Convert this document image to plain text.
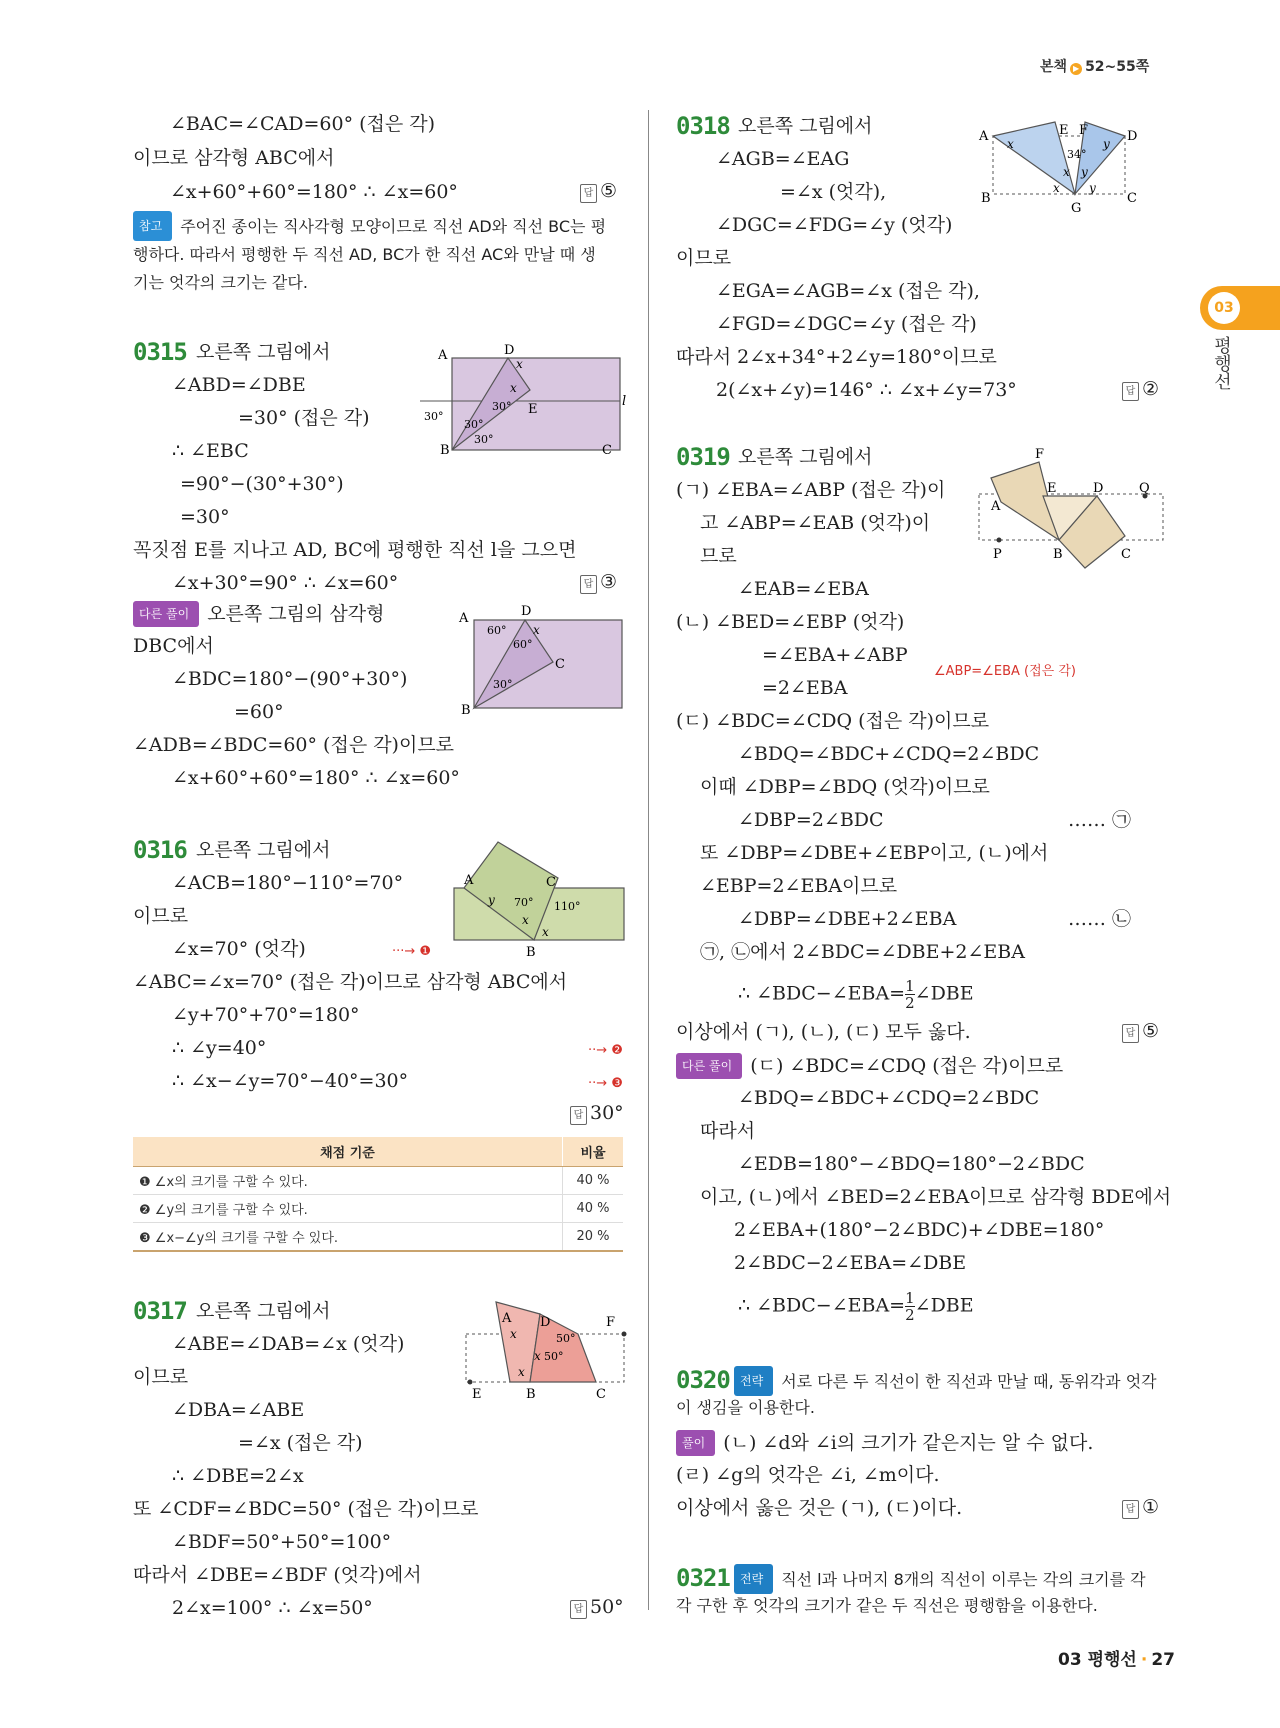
본책 ▶ 52~55쪽
03
평행선
∠BAC=∠CAD=60° (접은 각)
이므로 삼각형 ABC에서
∠x+60°+60°=180° ∴ ∠x=60°	답 ⑤
참고 주어진 종이는 직사각형 모양이므로 직선 AD와 직선 BC는 평
행하다. 따라서 평행한 두 직선 AD, BC가 한 직선 AC와 만날 때 생
기는 엇각의 크기는 같다.
0315 오른쪽 그림에서
∠ABD=∠DBE
=30° (접은 각)
∴ ∠EBC
=90°−(30°+30°)
=30°
꼭짓점 E를 지나고 AD, BC에 평행한 직선 l을 그으면
∠x+30°=90° ∴ ∠x=60°	답 ③
A	D
x
x
30° E
l
30°
30°
30°
B	C
다른 풀이 오른쪽 그림의 삼각형
DBC에서
∠BDC=180°−(90°+30°)
=60°
∠ADB=∠BDC=60° (접은 각)이므로
∠x+60°+60°=180° ∴ ∠x=60°
A	D
60° x
60°
C
30°
B
0316 오른쪽 그림에서
∠ACB=180°−110°=70°
이므로
∠x=70° (엇각)	···→ ❶
∠ABC=∠x=70° (접은 각)이므로 삼각형 ABC에서
∠y+70°+70°=180°
∴ ∠y=40°	··→ ❷
∴ ∠x−∠y=70°−40°=30°	··→ ❸
답 30°
A	C
y 70° 110°
x
x
B
채점 기준	비율
❶ ∠x의 크기를 구할 수 있다.	40 %
❷ ∠y의 크기를 구할 수 있다.	40 %
❸ ∠x−∠y의 크기를 구할 수 있다.	20 %
0317 오른쪽 그림에서
∠ABE=∠DAB=∠x (엇각)
이므로
∠DBA=∠ABE
=∠x (접은 각)
∴ ∠DBE=2∠x
또 ∠CDF=∠BDC=50° (접은 각)이므로
∠BDF=50°+50°=100°
따라서 ∠DBE=∠BDF (엇각)에서
2∠x=100° ∴ ∠x=50°	답 50°
A D	F
x	50°
x 50°
x
E	B	C
0318 오른쪽 그림에서
∠AGB=∠EAG
=∠x (엇각),
∠DGC=∠FDG=∠y (엇각)
이므로
∠EGA=∠AGB=∠x (접은 각),
∠FGD=∠DGC=∠y (접은 각)
따라서 2∠x+34°+2∠y=180°이므로
2(∠x+∠y)=146° ∴ ∠x+∠y=73°	답 ②
A	E F	D
34°
x
x y
y
B
G
C
x y
0319 오른쪽 그림에서
(ㄱ) ∠EBA=∠ABP (접은 각)이
고 ∠ABP=∠EAB (엇각)이
므로
∠EAB=∠EBA
(ㄴ) ∠BED=∠EBP (엇각)
=∠EBA+∠ABP
∠ABP=∠EBA (접은 각)
=2∠EBA
(ㄷ) ∠BDC=∠CDQ (접은 각)이므로
∠BDQ=∠BDC+∠CDQ=2∠BDC
이때 ∠DBP=∠BDQ (엇각)이므로
∠DBP=2∠BDC	…… ㉠
또 ∠DBP=∠DBE+∠EBP이고, (ㄴ)에서
∠EBP=2∠EBA이므로
∠DBP=∠DBE+2∠EBA	…… ㉡
㉠, ㉡에서 2∠BDC=∠DBE+2∠EBA
∴ ∠BDC−∠EBA= $\frac{1}{2}$ ∠DBE
이상에서 (ㄱ), (ㄴ), (ㄷ) 모두 옳다.	답 ⑤
다른 풀이 (ㄷ) ∠BDC=∠CDQ (접은 각)이므로
∠BDQ=∠BDC+∠CDQ=2∠BDC
따라서
∠EDB=180°−∠BDQ=180°−2∠BDC
이고, (ㄴ)에서 ∠BED=2∠EBA이므로 삼각형 BDE에서
2∠EBA+(180°−2∠BDC)+∠DBE=180°
2∠BDC−2∠EBA=∠DBE
∴ ∠BDC−∠EBA= $\frac{1}{2}$ ∠DBE
F
E	D	Q
A
P	B	C
0320 전략 서로 다른 두 직선이 한 직선과 만날 때, 동위각과 엇각
이 생김을 이용한다.
풀이 (ㄴ) ∠d와 ∠i의 크기가 같은지는 알 수 없다.
(ㄹ) ∠g의 엇각은 ∠i, ∠m이다.
이상에서 옳은 것은 (ㄱ), (ㄷ)이다.	답 ①
0321 전략 직선 l과 나머지 8개의 직선이 이루는 각의 크기를 각
각 구한 후 엇각의 크기가 같은 두 직선은 평행함을 이용한다.
03 평행선 · 27
